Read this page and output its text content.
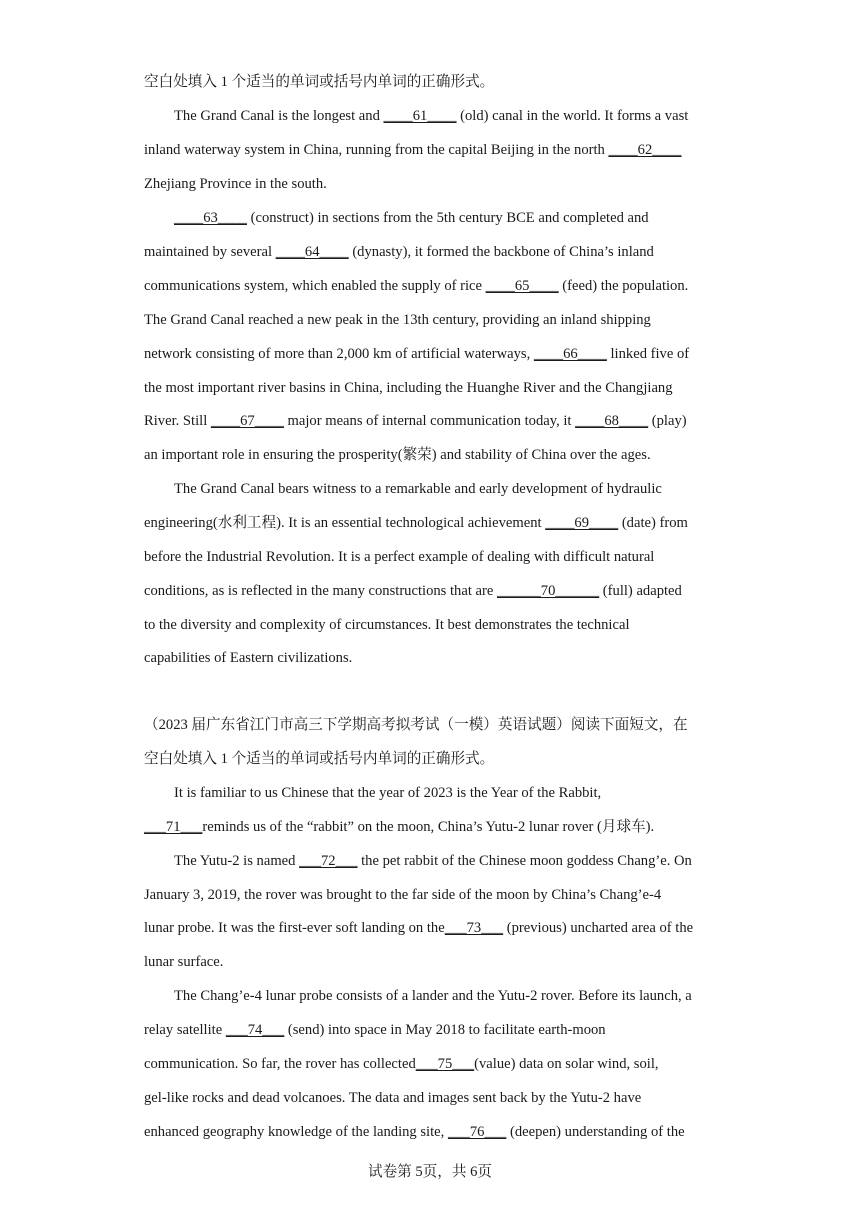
空白处填入 1 个适当的单词或括号内单词的正确形式。
The Grand Canal is the longest and ____61____ (old) canal in the world. It forms a vast
inland waterway system in China, running from the capital Beijing in the north ____62____
Zhejiang Province in the south.
____63____ (construct) in sections from the 5th century BCE and completed and
maintained by several ____64____ (dynasty), it formed the backbone of China’s inland
communications system, which enabled the supply of rice ____65____ (feed) the population.
The Grand Canal reached a new peak in the 13th century, providing an inland shipping
network consisting of more than 2,000 km of artificial waterways, ____66____ linked five of
the most important river basins in China, including the Huanghe River and the Changjiang
River. Still ____67____ major means of internal communication today, it ____68____ (play)
an important role in ensuring the prosperity(繁荣) and stability of China over the ages.
The Grand Canal bears witness to a remarkable and early development of hydraulic
engineering(水利工程). It is an essential technological achievement ____69____ (date) from
before the Industrial Revolution. It is a perfect example of dealing with difficult natural
conditions, as is reflected in the many constructions that are ______70______ (full) adapted
to the diversity and complexity of circumstances. It best demonstrates the technical
capabilities of Eastern civilizations.
（2023 届广东省江门市高三下学期高考拟考试（一模）英语试题）阅读下面短文，在
空白处填入 1 个适当的单词或括号内单词的正确形式。
It is familiar to us Chinese that the year of 2023 is the Year of the Rabbit,
___71___reminds us of the “rabbit” on the moon, China’s Yutu-2 lunar rover (月球车).
The Yutu-2 is named ___72___ the pet rabbit of the Chinese moon goddess Chang’e. On
January 3, 2019, the rover was brought to the far side of the moon by China’s Chang’e-4
lunar probe. It was the first-ever soft landing on the___73___ (previous) uncharted area of the
lunar surface.
The Chang’e-4 lunar probe consists of a lander and the Yutu-2 rover. Before its launch, a
relay satellite ___74___ (send) into space in May 2018 to facilitate earth-moon
communication. So far, the rover has collected___75___(value) data on solar wind, soil,
gel-like rocks and dead volcanoes. The data and images sent back by the Yutu-2 have
enhanced geography knowledge of the landing site, ___76___ (deepen) understanding of the
试卷第 5页，共 6页
